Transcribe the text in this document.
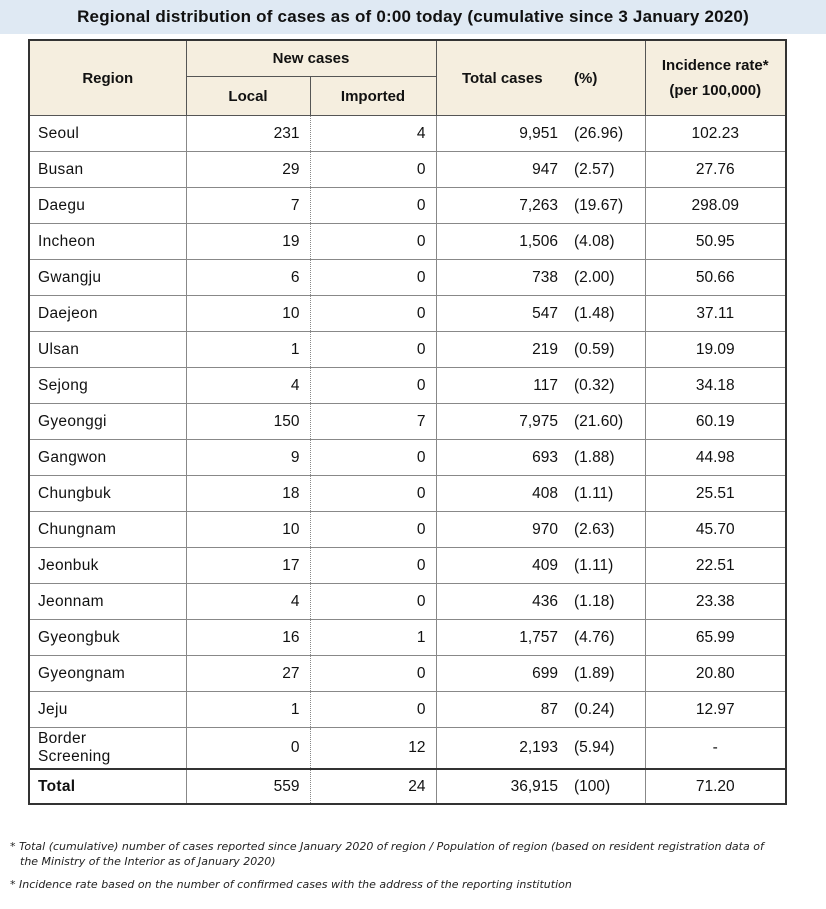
Regional distribution of cases as of 0:00 today (cumulative since 3 January 2020)
Region	New cases		Total cases	(%)	Incidence rate*
(per 100,000)

	Local	Imported			
Seoul	231	4	9,951	(26.96)	102.23
Busan	29	0	947	(2.57)	27.76
Daegu	7	0	7,263	(19.67)	298.09
Incheon	19	0	1,506	(4.08)	50.95
Gwangju	6	0	738	(2.00)	50.66
Daejeon	10	0	547	(1.48)	37.11
Ulsan	1	0	219	(0.59)	19.09
Sejong	4	0	117	(0.32)	34.18
Gyeonggi	150	7	7,975	(21.60)	60.19
Gangwon	9	0	693	(1.88)	44.98
Chungbuk	18	0	408	(1.11)	25.51
Chungnam	10	0	970	(2.63)	45.70
Jeonbuk	17	0	409	(1.11)	22.51
Jeonnam	4	0	436	(1.18)	23.38
Gyeongbuk	16	1	1,757	(4.76)	65.99
Gyeongnam	27	0	699	(1.89)	20.80
Jeju	1	0	87	(0.24)	12.97

Border
Screening	0	12	2,193	(5.94)	-
Total	559	24	36,915	(100)	71.20
* Total (cumulative) number of cases reported since January 2020 of region / Population of region (based on resident registration data of
the Ministry of the Interior as of January 2020)
* Incidence rate based on the number of confirmed cases with the address of the reporting institution
